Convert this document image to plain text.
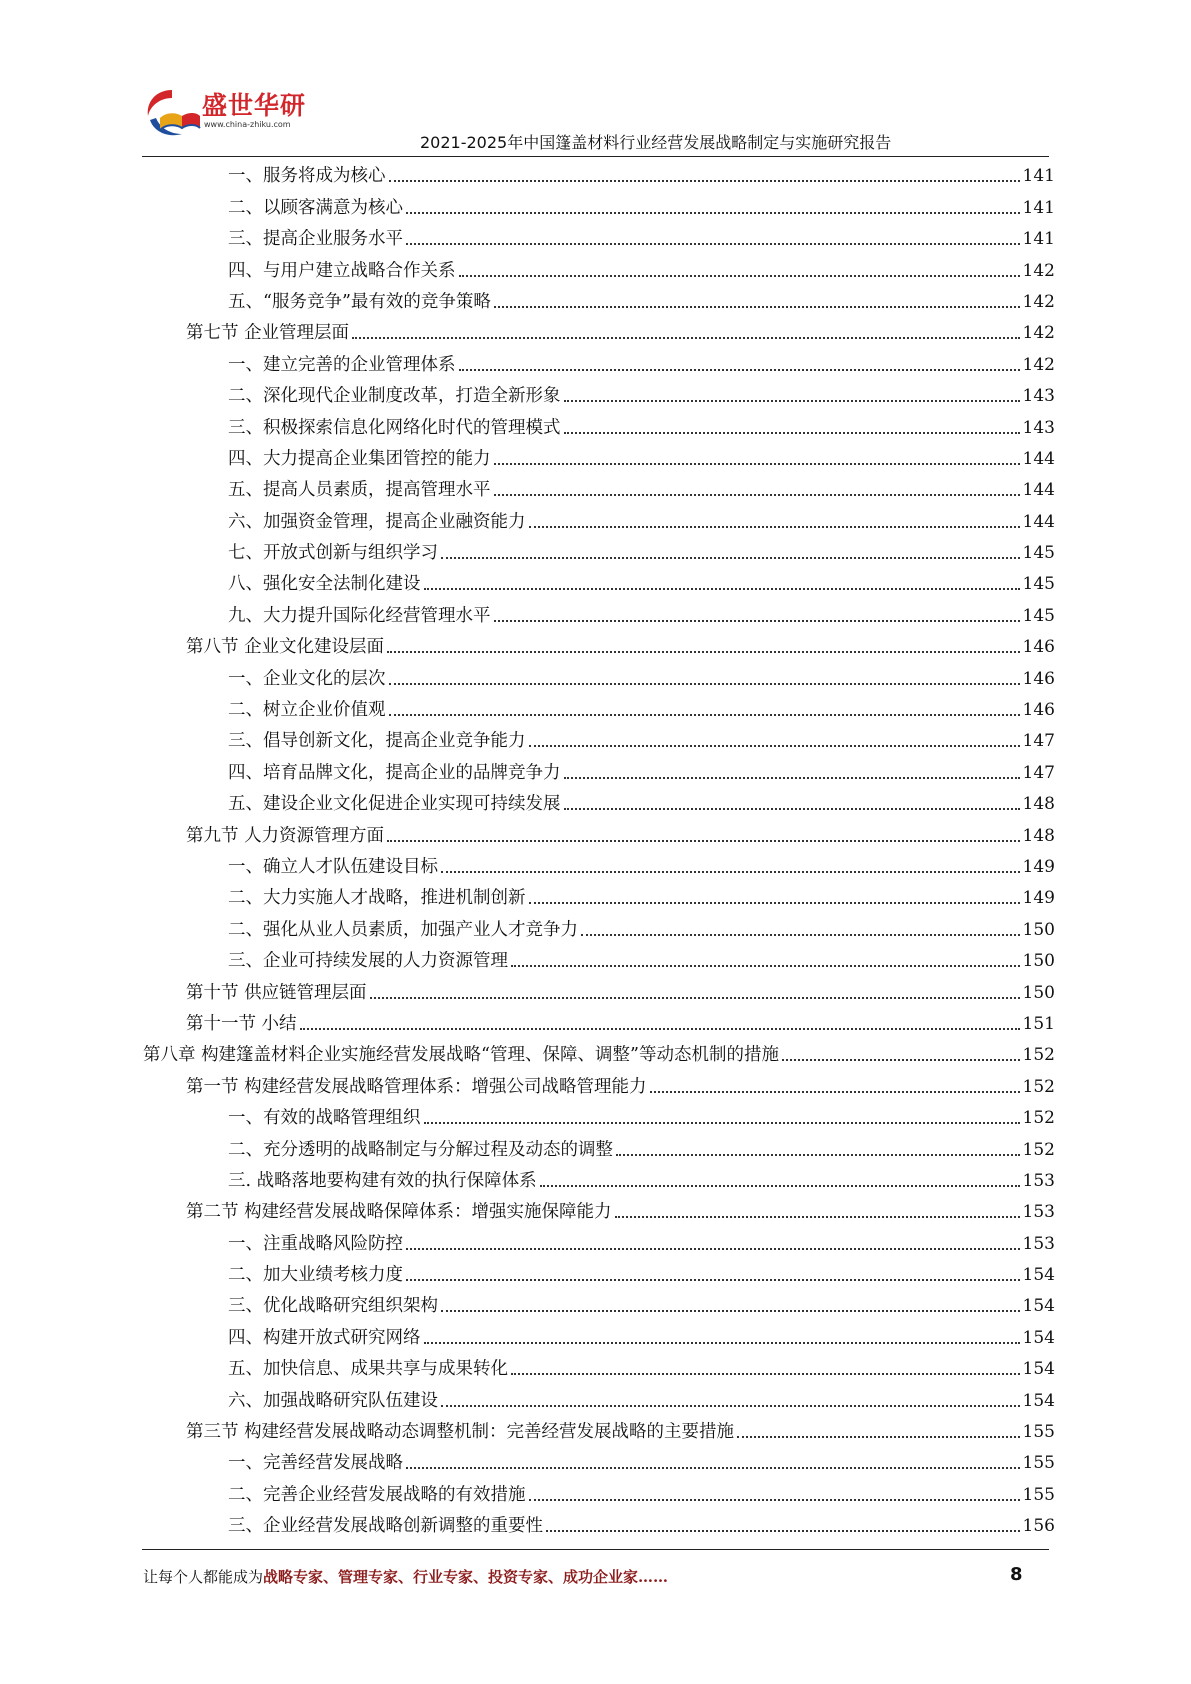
盛世华研
www.china-zhiku.com
2021-2025年中国篷盖材料行业经营发展战略制定与实施研究报告
一、服务将成为核心	141
二、以顾客满意为核心	141
三、提高企业服务水平	141
四、与用户建立战略合作关系	142
五、“服务竞争”最有效的竞争策略	142
第七节 企业管理层面	142
一、建立完善的企业管理体系	142
二、深化现代企业制度改革，打造全新形象	143
三、积极探索信息化网络化时代的管理模式	143
四、大力提高企业集团管控的能力	144
五、提高人员素质，提高管理水平	144
六、加强资金管理，提高企业融资能力	144
七、开放式创新与组织学习	145
八、强化安全法制化建设	145
九、大力提升国际化经营管理水平	145
第八节 企业文化建设层面	146
一、企业文化的层次	146
二、树立企业价值观	146
三、倡导创新文化，提高企业竞争能力	147
四、培育品牌文化，提高企业的品牌竞争力	147
五、建设企业文化促进企业实现可持续发展	148
第九节 人力资源管理方面	148
一、确立人才队伍建设目标	149
二、大力实施人才战略，推进机制创新	149
二、强化从业人员素质，加强产业人才竞争力	150
三、企业可持续发展的人力资源管理	150
第十节 供应链管理层面	150
第十一节 小结	151
第八章 构建篷盖材料企业实施经营发展战略“管理、保障、调整”等动态机制的措施	152
第一节 构建经营发展战略管理体系：增强公司战略管理能力	152
一、有效的战略管理组织	152
二、充分透明的战略制定与分解过程及动态的调整	152
三. 战略落地要构建有效的执行保障体系	153
第二节 构建经营发展战略保障体系：增强实施保障能力	153
一、注重战略风险防控	153
二、加大业绩考核力度	154
三、优化战略研究组织架构	154
四、构建开放式研究网络	154
五、加快信息、成果共享与成果转化	154
六、加强战略研究队伍建设	154
第三节 构建经营发展战略动态调整机制：完善经营发展战略的主要措施	155
一、完善经营发展战略	155
二、完善企业经营发展战略的有效措施	155
三、企业经营发展战略创新调整的重要性	156
让每个人都能成为战略专家、管理专家、行业专家、投资专家、成功企业家……	8
